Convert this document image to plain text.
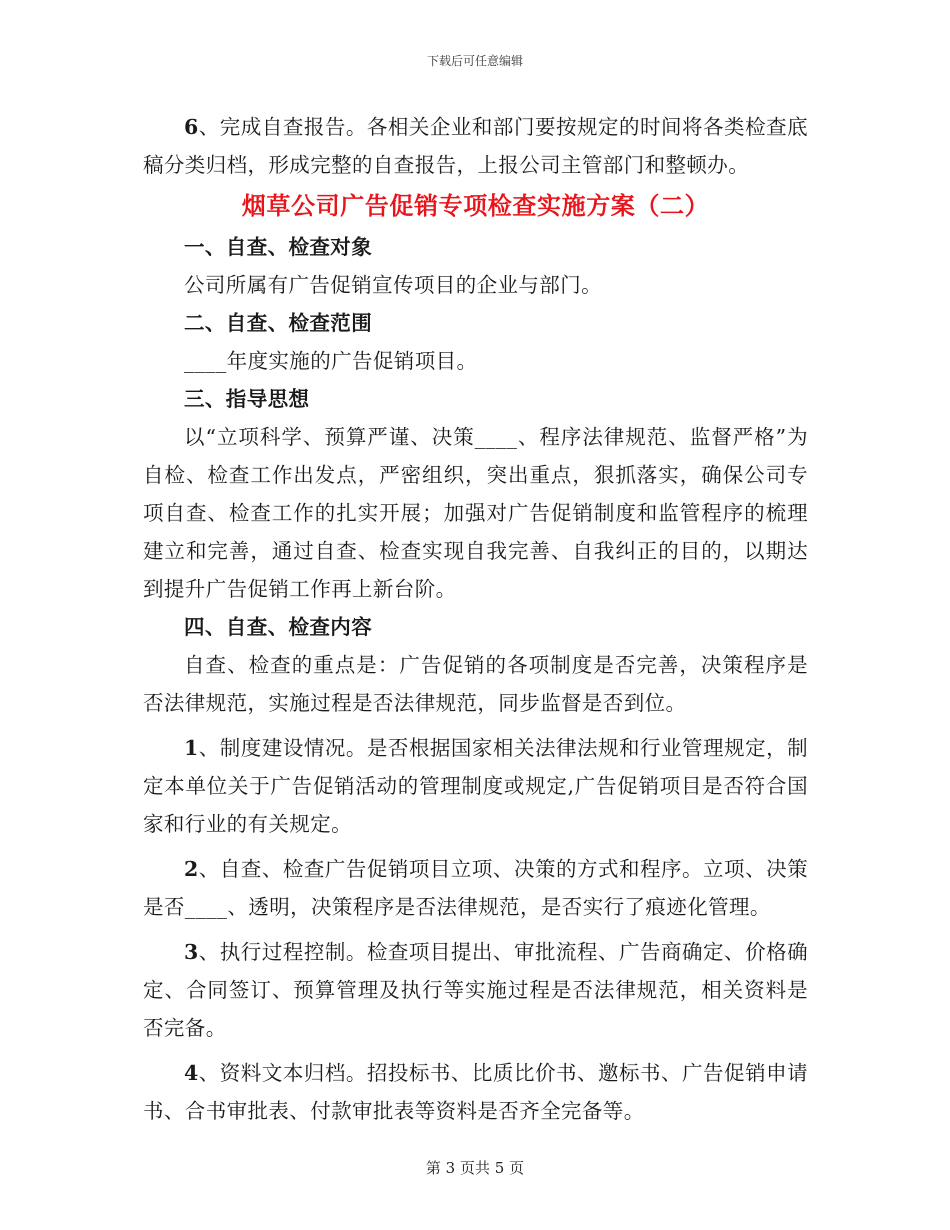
下载后可任意编辑

6、完成自查报告。各相关企业和部门要按规定的时间将各类检查底稿分类归档，形成完整的自查报告，上报公司主管部门和整顿办。

烟草公司广告促销专项检查实施方案（二）
一、自查、检查对象

公司所属有广告促销宣传项目的企业与部门。

二、自查、检查范围

____年度实施的广告促销项目。

三、指导思想

以“立项科学、预算严谨、决策____、程序法律规范、监督严格”为自检、检查工作出发点，严密组织，突出重点，狠抓落实，确保公司专项自查、检查工作的扎实开展；加强对广告促销制度和监管程序的梳理建立和完善，通过自查、检查实现自我完善、自我纠正的目的，以期达到提升广告促销工作再上新台阶。

四、自查、检查内容

自查、检查的重点是：广告促销的各项制度是否完善，决策程序是否法律规范，实施过程是否法律规范，同步监督是否到位。

1、制度建设情况。是否根据国家相关法律法规和行业管理规定，制定本单位关于广告促销活动的管理制度或规定,广告促销项目是否符合国家和行业的有关规定。

2、自查、检查广告促销项目立项、决策的方式和程序。立项、决策是否____、透明，决策程序是否法律规范，是否实行了痕迹化管理。

3、执行过程控制。检查项目提出、审批流程、广告商确定、价格确定、合同签订、预算管理及执行等实施过程是否法律规范，相关资料是否完备。

4、资料文本归档。招投标书、比质比价书、邀标书、广告促销申请书、合书审批表、付款审批表等资料是否齐全完备等。

第 3 页共 5 页
